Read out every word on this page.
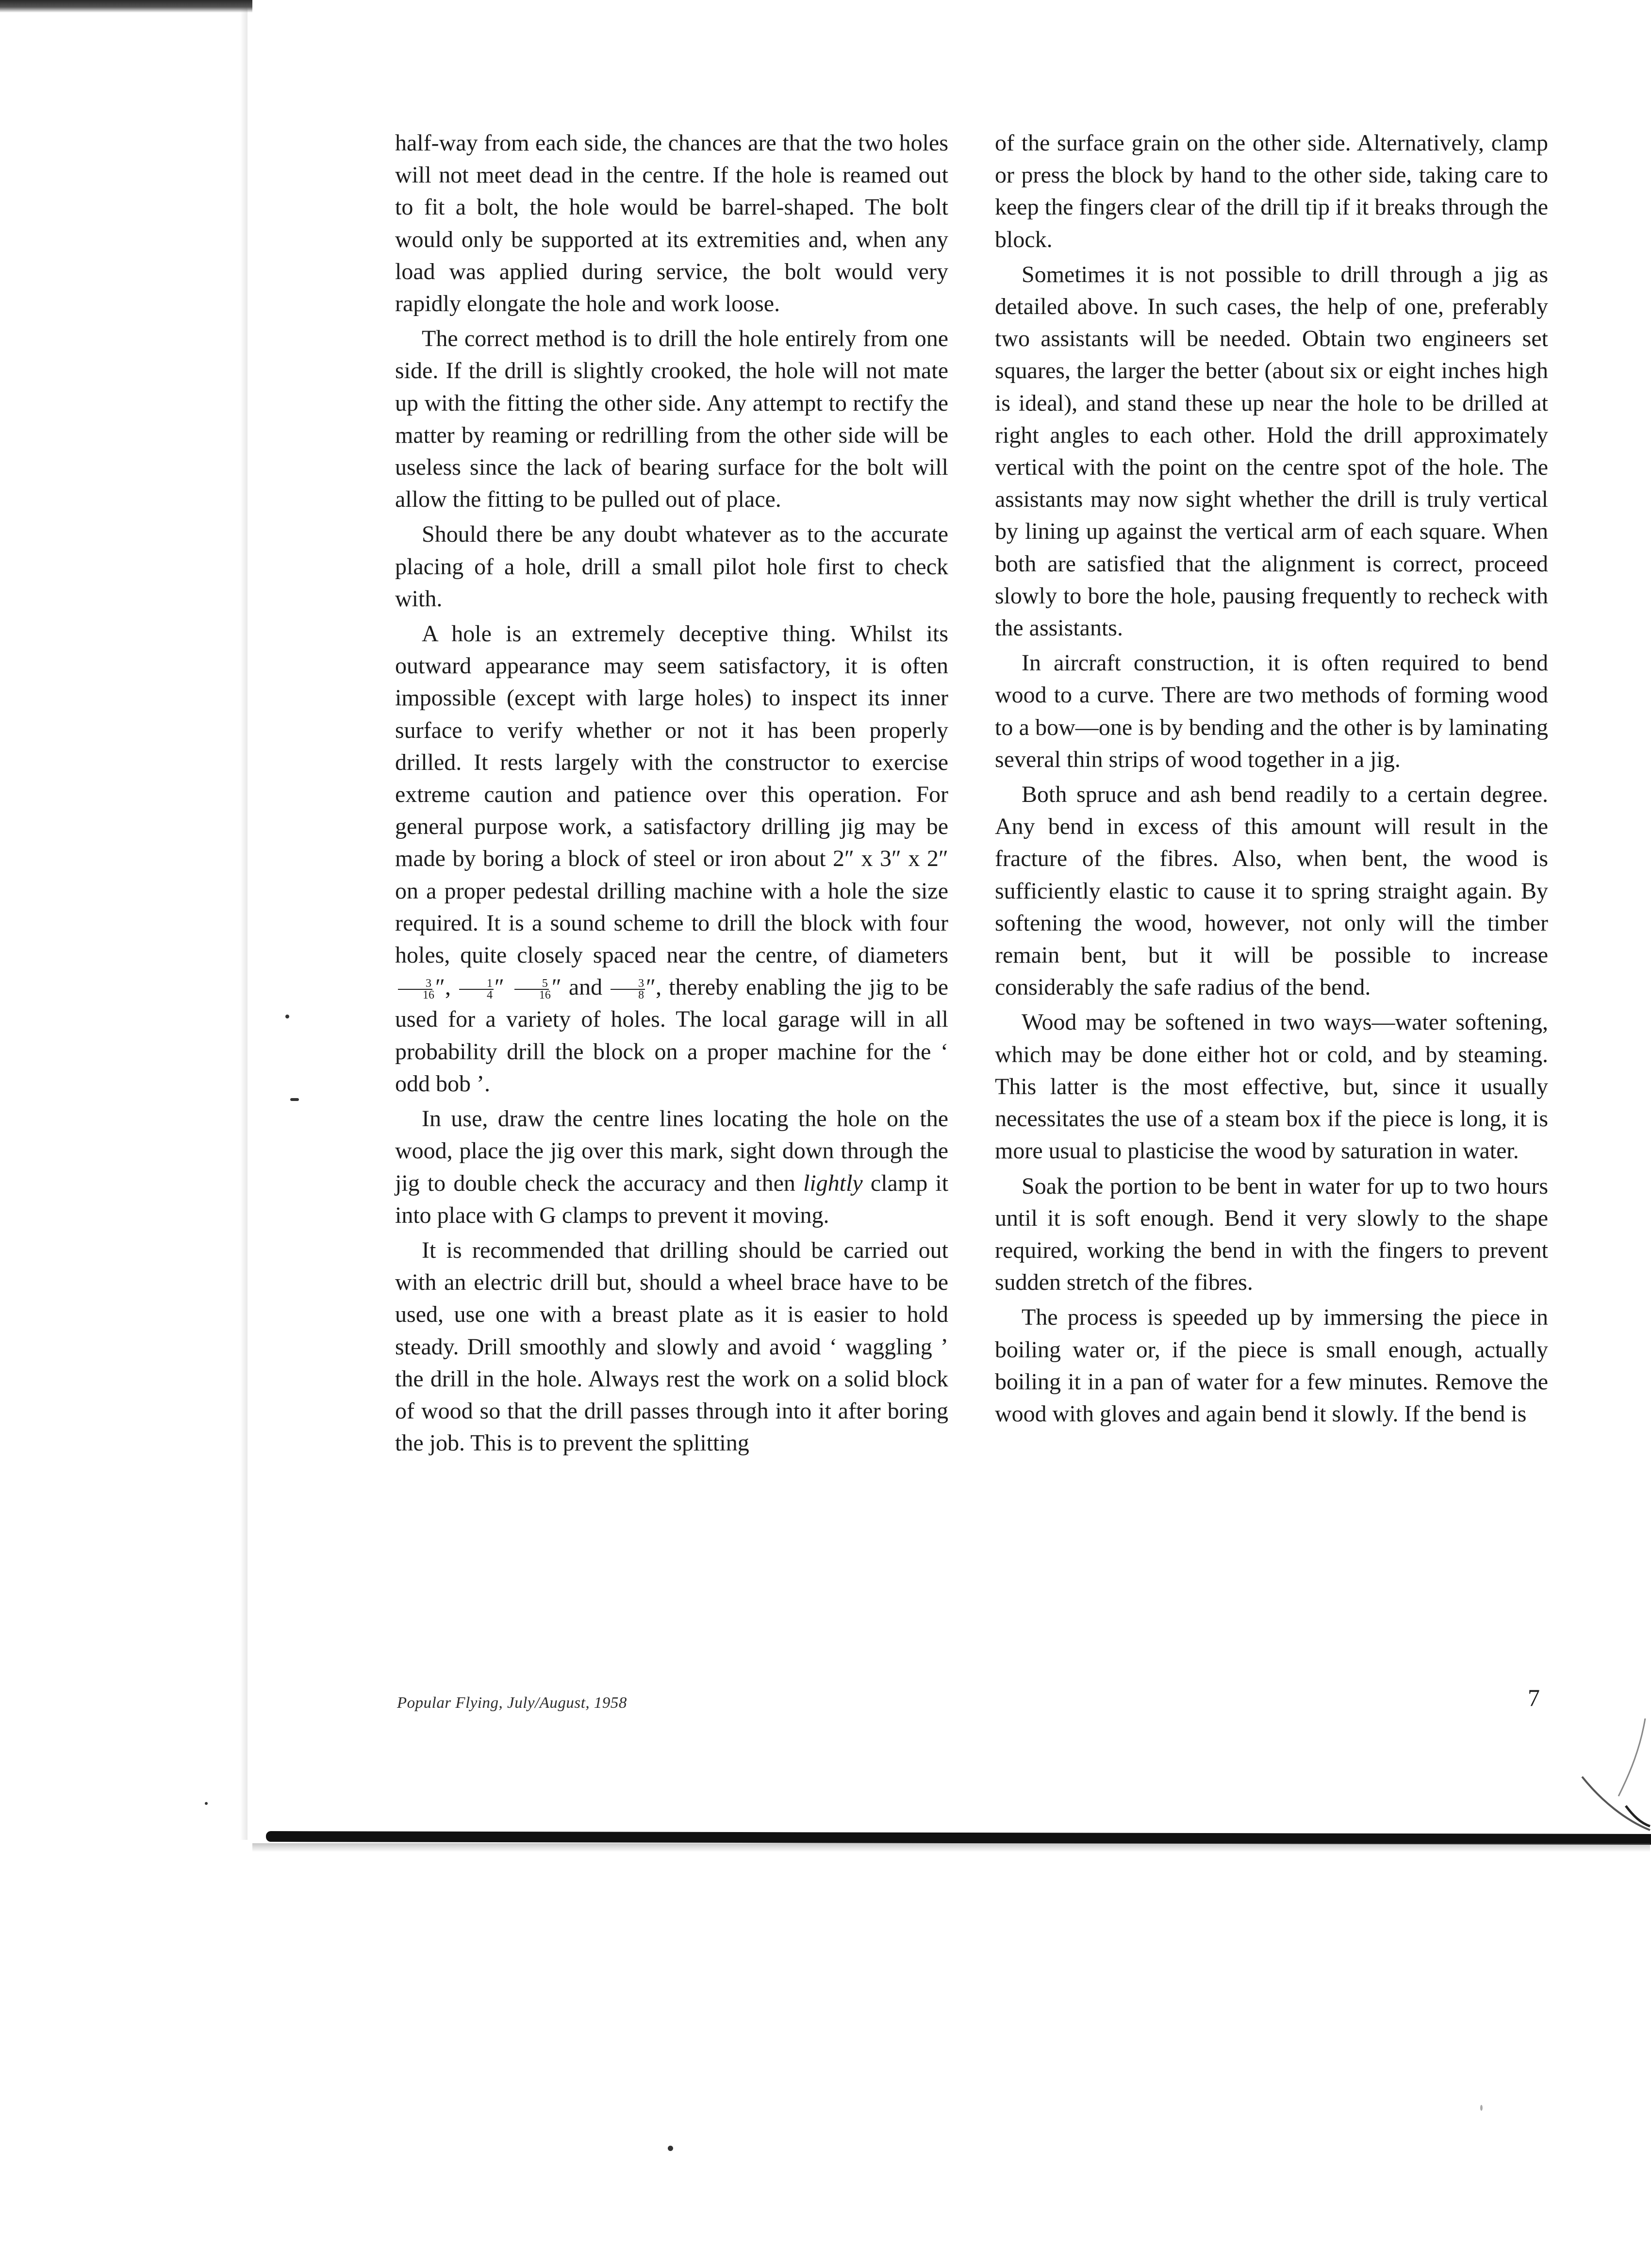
half-way from each side, the chances are that the two holes will not meet dead in the centre. If the hole is reamed out to fit a bolt, the hole would be barrel-shaped. The bolt would only be supported at its extremities and, when any load was applied during service, the bolt would very rapidly elongate the hole and work loose.

The correct method is to drill the hole entirely from one side. If the drill is slightly crooked, the hole will not mate up with the fitting the other side. Any attempt to rectify the matter by reaming or redrilling from the other side will be useless since the lack of bearing surface for the bolt will allow the fitting to be pulled out of place.

Should there be any doubt whatever as to the accurate placing of a hole, drill a small pilot hole first to check with.

A hole is an extremely deceptive thing. Whilst its outward appearance may seem satisfactory, it is often impossible (except with large holes) to inspect its inner surface to verify whether or not it has been properly drilled. It rests largely with the constructor to exercise extreme caution and patience over this operation. For general purpose work, a satisfactory drilling jig may be made by boring a block of steel or iron about 2″ x 3″ x 2″ on a proper pedestal drilling machine with a hole the size required. It is a sound scheme to drill the block with four holes, quite closely spaced near the centre, of diameters
$\frac{3}{16}$ ″, $\frac{1}{4}$ ″ $\frac{5}{16}$ ″ and $\frac{3}{8}$ ″, thereby enabling the jig to be used for a variety of holes. The local garage will in all probability drill the block on a proper machine for the ‘ odd bob ’.

In use, draw the centre lines locating the hole on the wood, place the jig over this mark, sight down through the jig to double check the accuracy and then lightly clamp it into place with G clamps to prevent it moving.

It is recommended that drilling should be carried out with an electric drill but, should a wheel brace have to be used, use one with a breast plate as it is easier to hold steady. Drill smoothly and slowly and avoid ‘ waggling ’ the drill in the hole. Always rest the work on a solid block of wood so that the drill passes through into it after boring the job. This is to prevent the splitting

of the surface grain on the other side. Alternatively, clamp or press the block by hand to the other side, taking care to keep the fingers clear of the drill tip if it breaks through the block.

Sometimes it is not possible to drill through a jig as detailed above. In such cases, the help of one, preferably two assistants will be needed. Obtain two engineers set squares, the larger the better (about six or eight inches high is ideal), and stand these up near the hole to be drilled at right angles to each other. Hold the drill approximately vertical with the point on the centre spot of the hole. The assistants may now sight whether the drill is truly vertical by lining up against the vertical arm of each square. When both are satisfied that the alignment is correct, proceed slowly to bore the hole, pausing frequently to recheck with the assistants.

In aircraft construction, it is often required to bend wood to a curve. There are two methods of forming wood to a bow—one is by bending and the other is by laminating several thin strips of wood together in a jig.

Both spruce and ash bend readily to a certain degree. Any bend in excess of this amount will result in the fracture of the fibres. Also, when bent, the wood is sufficiently elastic to cause it to spring straight again. By softening the wood, however, not only will the timber remain bent, but it will be possible to increase considerably the safe radius of the bend.

Wood may be softened in two ways—water softening, which may be done either hot or cold, and by steaming. This latter is the most effective, but, since it usually necessitates the use of a steam box if the piece is long, it is more usual to plasticise the wood by saturation in water.

Soak the portion to be bent in water for up to two hours until it is soft enough. Bend it very slowly to the shape required, working the bend in with the fingers to prevent sudden stretch of the fibres.

The process is speeded up by immersing the piece in boiling water or, if the piece is small enough, actually boiling it in a pan of water for a few minutes. Remove the wood with gloves and again bend it slowly. If the bend is

Popular Flying, July/August, 1958	7
